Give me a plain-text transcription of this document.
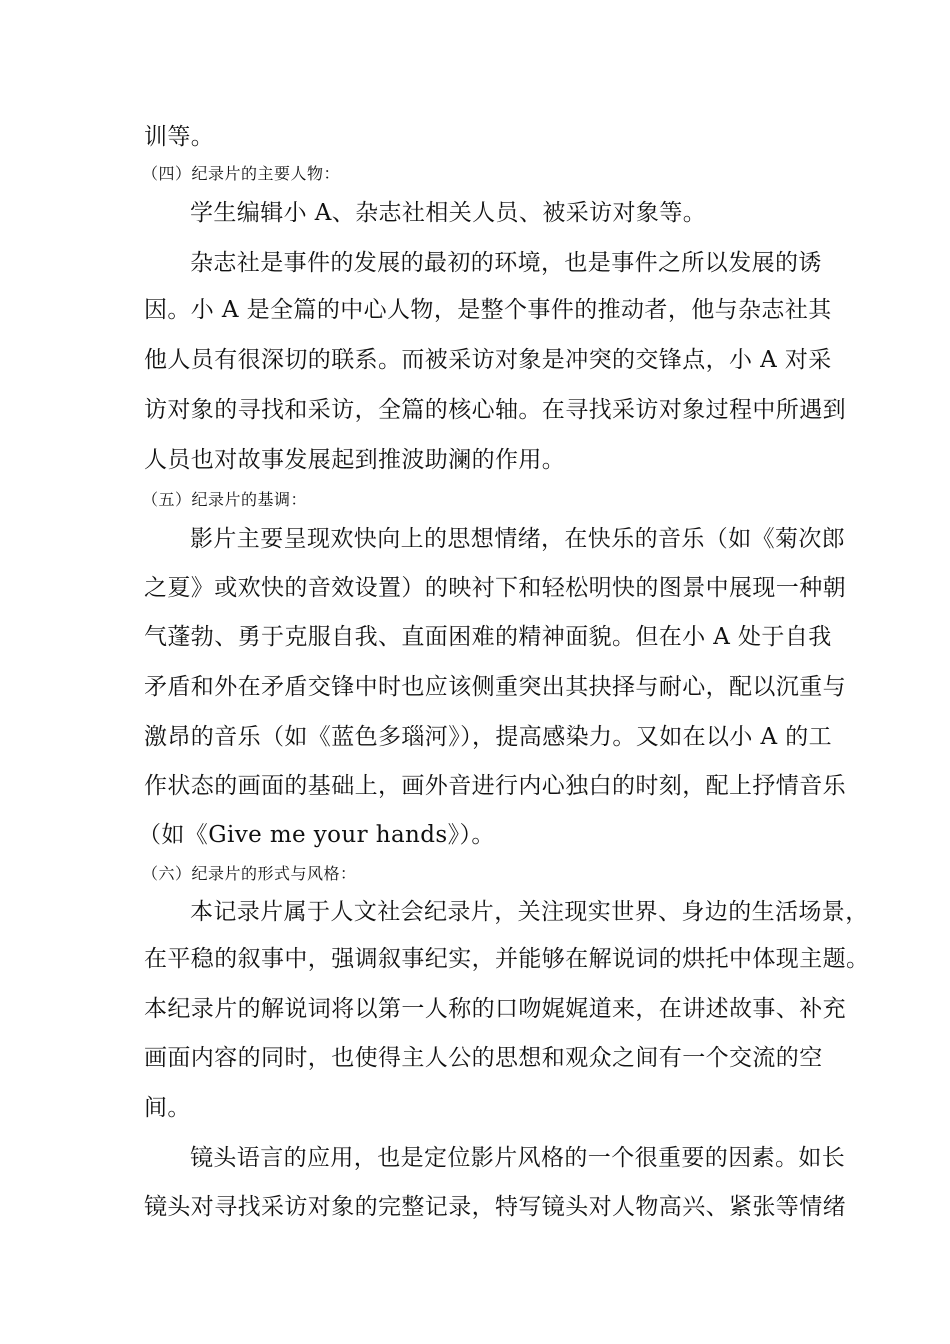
训等。
（四）纪录片的主要人物：
学生编辑小 A、杂志社相关人员、被采访对象等。
杂志社是事件的发展的最初的环境，也是事件之所以发展的诱
因。小 A 是全篇的中心人物，是整个事件的推动者，他与杂志社其
他人员有很深切的联系。而被采访对象是冲突的交锋点，小 A 对采
访对象的寻找和采访，全篇的核心轴。在寻找采访对象过程中所遇到
人员也对故事发展起到推波助澜的作用。
（五）纪录片的基调：
影片主要呈现欢快向上的思想情绪，在快乐的音乐（如《菊次郎
之夏》或欢快的音效设置）的映衬下和轻松明快的图景中展现一种朝
气蓬勃、勇于克服自我、直面困难的精神面貌。但在小 A 处于自我
矛盾和外在矛盾交锋中时也应该侧重突出其抉择与耐心，配以沉重与
激昂的音乐（如《蓝色多瑙河》），提高感染力。又如在以小 A 的工
作状态的画面的基础上，画外音进行内心独白的时刻，配上抒情音乐
（如《Give me your hands》）。
（六）纪录片的形式与风格：
本记录片属于人文社会纪录片，关注现实世界、身边的生活场景，
在平稳的叙事中，强调叙事纪实，并能够在解说词的烘托中体现主题。
本纪录片的解说词将以第一人称的口吻娓娓道来，在讲述故事、补充
画面内容的同时，也使得主人公的思想和观众之间有一个交流的空
间。
镜头语言的应用，也是定位影片风格的一个很重要的因素。如长
镜头对寻找采访对象的完整记录，特写镜头对人物高兴、紧张等情绪
